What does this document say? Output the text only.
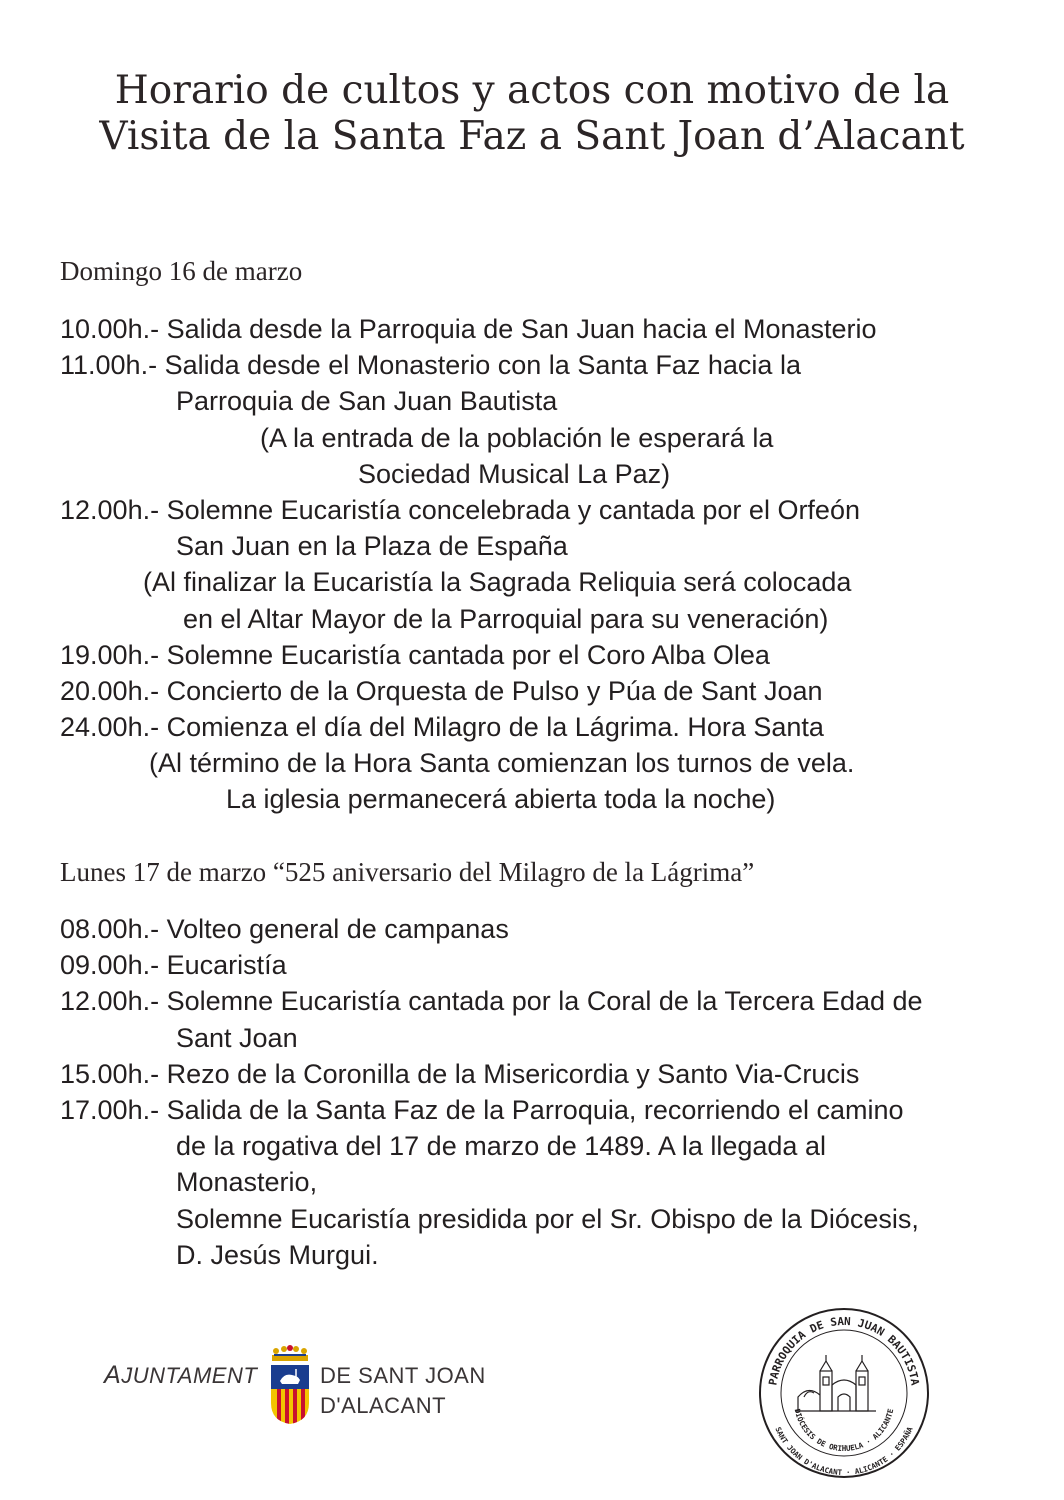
Horario de cultos y actos con motivo de la
Visita de la Santa Faz a Sant Joan d’Alacant
Domingo 16 de marzo
10.00h.- Salida desde la Parroquia de San Juan hacia el Monasterio
11.00h.- Salida desde el Monasterio con la Santa Faz hacia la
Parroquia de San Juan Bautista
(A la entrada de la población le esperará la
Sociedad Musical La Paz)
12.00h.- Solemne Eucaristía concelebrada y cantada por el Orfeón
San Juan en la Plaza de España
(Al finalizar la Eucaristía la Sagrada Reliquia será colocada
en el Altar Mayor de la Parroquial para su veneración)
19.00h.- Solemne Eucaristía cantada por el Coro Alba Olea
20.00h.- Concierto de la Orquesta de Pulso y Púa de Sant Joan
24.00h.- Comienza el día del Milagro de la Lágrima. Hora Santa
(Al término de la Hora Santa comienzan los turnos de vela.
La iglesia permanecerá abierta toda la noche)
Lunes 17 de marzo “525 aniversario del Milagro de la Lágrima”
08.00h.- Volteo general de campanas
09.00h.- Eucaristía
12.00h.- Solemne Eucaristía cantada por la Coral de la Tercera Edad de
Sant Joan
15.00h.- Rezo de la Coronilla de la Misericordia y Santo Via-Crucis
17.00h.- Salida de la Santa Faz de la Parroquia, recorriendo el camino
de la rogativa del 17 de marzo de 1489. A la llegada al
Monasterio,
Solemne Eucaristía presidida por el Sr. Obispo de la Diócesis,
D. Jesús Murgui.
AJUNTAMENT	DE SANT JOAN
D'ALACANT
PARROQUIA DE SAN JUAN BAUTISTA
DIÓCESIS DE ORIHUELA · ALICANTE
SANT JOAN D'ALACANT · ALICANTE · ESPAÑA
